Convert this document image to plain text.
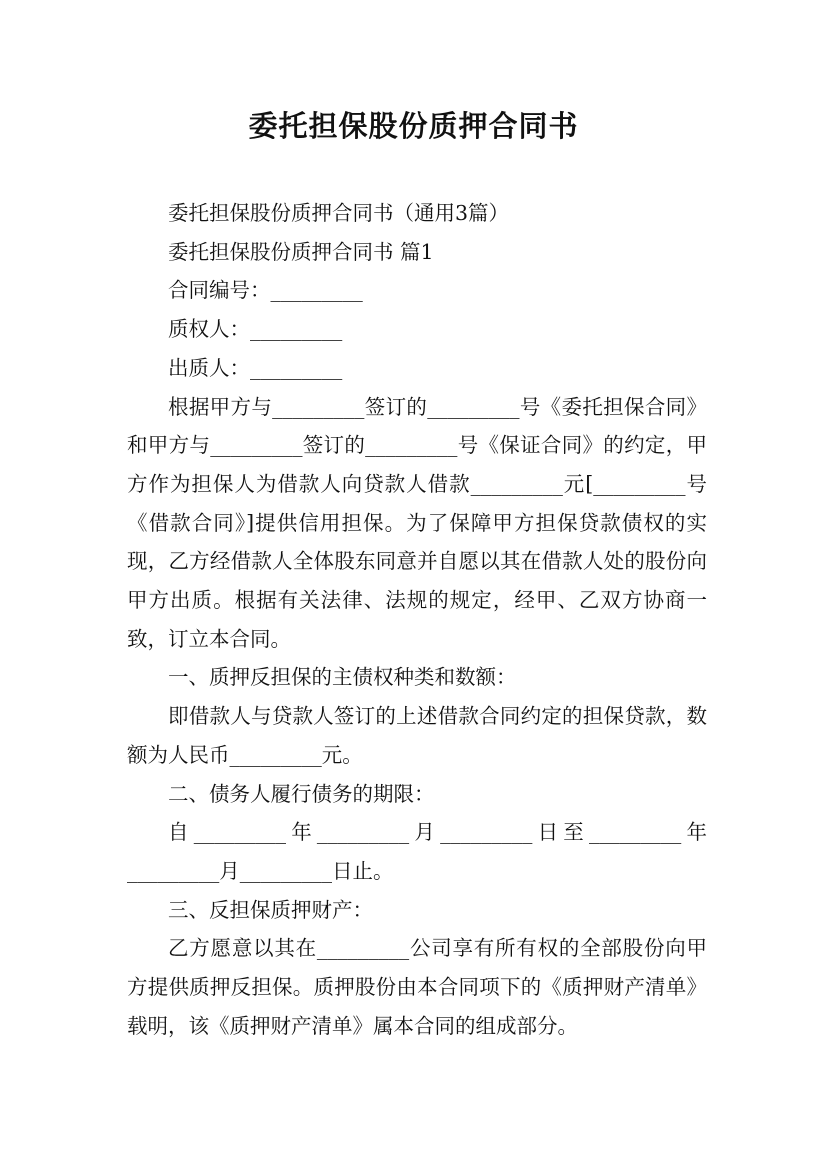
委托担保股份质押合同书

委托担保股份质押合同书（通用3篇）

委托担保股份质押合同书 篇1

合同编号：_________

质权人：_________

出质人：_________

根据甲方与_________签订的_________号《委托担保合同》和甲方与_________签订的_________号《保证合同》的约定，甲方作为担保人为借款人向贷款人借款_________元[_________号《借款合同》]提供信用担保。为了保障甲方担保贷款债权的实现，乙方经借款人全体股东同意并自愿以其在借款人处的股份向甲方出质。根据有关法律、法规的规定，经甲、乙双方协商一致，订立本合同。

一、质押反担保的主债权种类和数额：

即借款人与贷款人签订的上述借款合同约定的担保贷款，数额为人民币_________元。

二、债务人履行债务的期限：

自_________年_________月_________日至_________年_________月_________日止。

三、反担保质押财产：

乙方愿意以其在_________公司享有所有权的全部股份向甲方提供质押反担保。质押股份由本合同项下的《质押财产清单》载明，该《质押财产清单》属本合同的组成部分。
